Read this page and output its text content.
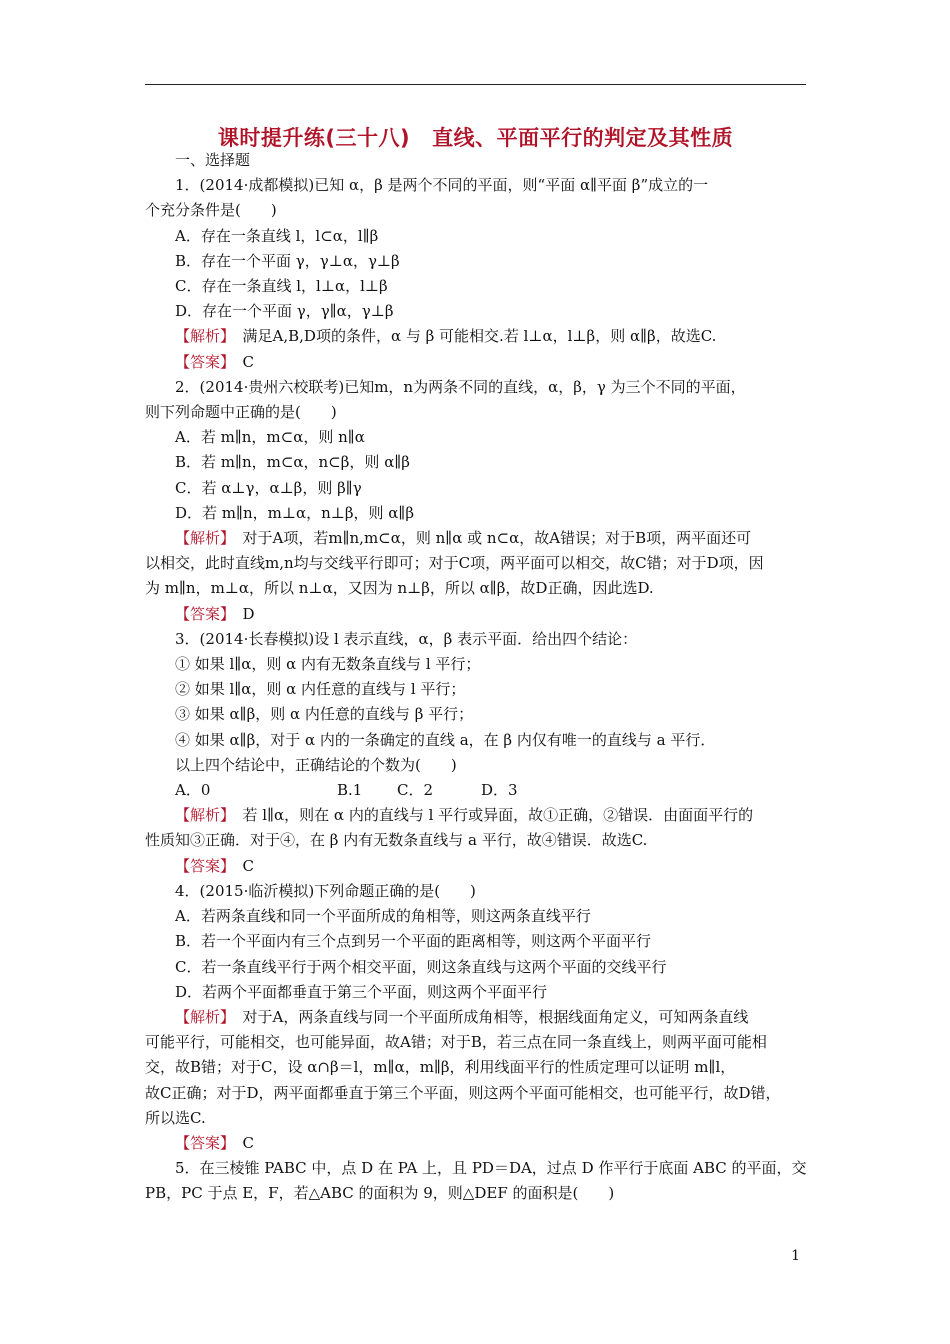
课时提升练(三十八) 直线、平面平行的判定及其性质

一、选择题

1．(2014·成都模拟)已知 α，β 是两个不同的平面，则“平面 α∥平面 β”成立的一

个充分条件是(　　)

A．存在一条直线 l，l⊂α，l∥β

B．存在一个平面 γ，γ⊥α，γ⊥β

C．存在一条直线 l，l⊥α，l⊥β

D．存在一个平面 γ，γ∥α，γ⊥β

【解析】　 满足A,B,D项的条件，α 与 β 可能相交.若 l⊥α，l⊥β，则 α∥β，故选C.

【答案】　 C

2．(2014·贵州六校联考)已知m，n为两条不同的直线，α，β，γ 为三个不同的平面，

则下列命题中正确的是(　　)

A．若 m∥n，m⊂α，则 n∥α

B．若 m∥n，m⊂α，n⊂β，则 α∥β

C．若 α⊥γ，α⊥β，则 β∥γ

D．若 m∥n，m⊥α，n⊥β，则 α∥β

【解析】　 对于A项，若m∥n,m⊂α，则 n∥α 或 n⊂α，故A错误；对于B项，两平面还可

以相交，此时直线m,n均与交线平行即可；对于C项，两平面可以相交，故C错；对于D项，因

为 m∥n，m⊥α，所以 n⊥α，又因为 n⊥β，所以 α∥β，故D正确，因此选D.

【答案】　 D

3．(2014·长春模拟)设 l 表示直线，α，β 表示平面．给出四个结论：

① 如果 l∥α，则 α 内有无数条直线与 l 平行；

② 如果 l∥α，则 α 内任意的直线与 l 平行；

③ 如果 α∥β，则 α 内任意的直线与 β 平行；

④ 如果 α∥β，对于 α 内的一条确定的直线 a，在 β 内仅有唯一的直线与 a 平行．

以上四个结论中，正确结论的个数为(　　)

A．0	B.1 C．2	D．3

【解析】　 若 l∥α，则在 α 内的直线与 l 平行或异面，故①正确，②错误．由面面平行的

性质知③正确．对于④，在 β 内有无数条直线与 a 平行，故④错误．故选C.

【答案】　 C

4．(2015·临沂模拟)下列命题正确的是(　　)

A．若两条直线和同一个平面所成的角相等，则这两条直线平行

B．若一个平面内有三个点到另一个平面的距离相等，则这两个平面平行

C．若一条直线平行于两个相交平面，则这条直线与这两个平面的交线平行

D．若两个平面都垂直于第三个平面，则这两个平面平行

【解析】　 对于A，两条直线与同一个平面所成角相等，根据线面角定义，可知两条直线

可能平行，可能相交，也可能异面，故A错；对于B，若三点在同一条直线上，则两平面可能相

交，故B错；对于C，设 α∩β＝l，m∥α，m∥β，利用线面平行的性质定理可以证明 m∥l，

故C正确；对于D，两平面都垂直于第三个平面，则这两个平面可能相交，也可能平行，故D错，

所以选C.

【答案】　 C

5．在三棱锥 PABC 中，点 D 在 PA 上，且 PD＝DA，过点 D 作平行于底面 ABC 的平面，交

PB，PC 于点 E，F，若△ABC 的面积为 9，则△DEF 的面积是(　　)

1
